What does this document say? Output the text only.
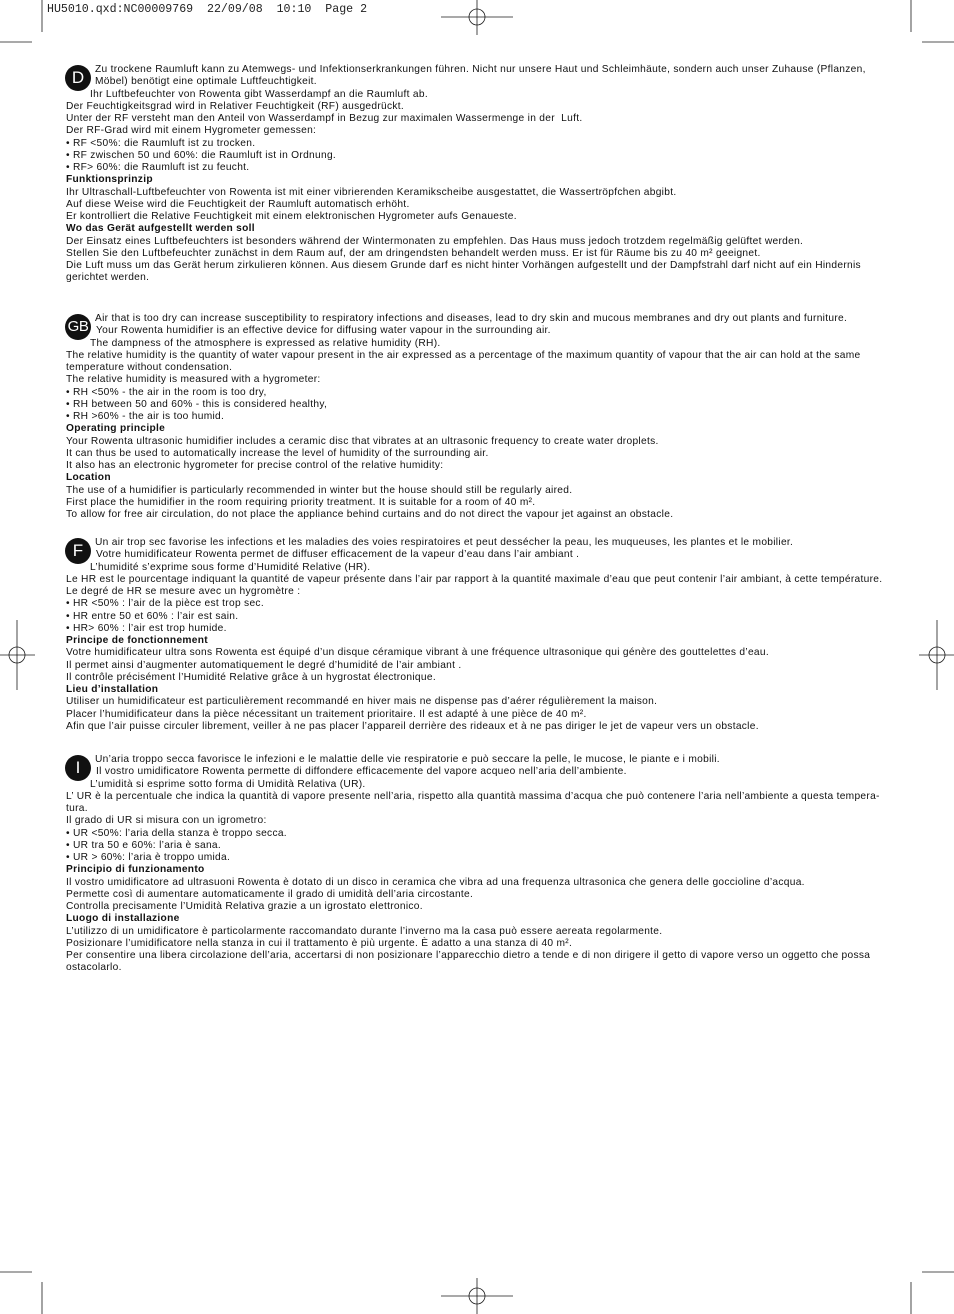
HU5010.qxd:NC00009769  22/09/08  10:10  Page 2
D	Zu trockene Raumluft kann zu Atemwegs- und Infektionserkrankungen führen. Nicht nur unsere Haut und Schleimhäute, sondern auch unser Zuhause (Pflanzen,
Möbel) benötigt eine optimale Luftfeuchtigkeit.
Ihr Luftbefeuchter von Rowenta gibt Wasserdampf an die Raumluft ab.
Der Feuchtigkeitsgrad wird in Relativer Feuchtigkeit (RF) ausgedrückt.
Unter der RF versteht man den Anteil von Wasserdampf in Bezug zur maximalen Wassermenge in der  Luft.
Der RF-Grad wird mit einem Hygrometer gemessen:
• RF <50%: die Raumluft ist zu trocken.
• RF zwischen 50 und 60%: die Raumluft ist in Ordnung.
• RF> 60%: die Raumluft ist zu feucht.
Funktionsprinzip
Ihr Ultraschall-Luftbefeuchter von Rowenta ist mit einer vibrierenden Keramikscheibe ausgestattet, die Wassertröpfchen abgibt.
Auf diese Weise wird die Feuchtigkeit der Raumluft automatisch erhöht.
Er kontrolliert die Relative Feuchtigkeit mit einem elektronischen Hygrometer aufs Genaueste.
Wo das Gerät aufgestellt werden soll
Der Einsatz eines Luftbefeuchters ist besonders während der Wintermonaten zu empfehlen. Das Haus muss jedoch trotzdem regelmäßig gelüftet werden.
Stellen Sie den Luftbefeuchter zunächst in dem Raum auf, der am dringendsten behandelt werden muss. Er ist für Räume bis zu 40 m² geeignet.
Die Luft muss um das Gerät herum zirkulieren können. Aus diesem Grunde darf es nicht hinter Vorhängen aufgestellt und der Dampfstrahl darf nicht auf ein Hindernis
gerichtet werden.
GB Air that is too dry can increase susceptibility to respiratory infections and diseases, lead to dry skin and mucous membranes and dry out plants and furniture.
Your Rowenta humidifier is an effective device for diffusing water vapour in the surrounding air.
The dampness of the atmosphere is expressed as relative humidity (RH).
The relative humidity is the quantity of water vapour present in the air expressed as a percentage of the maximum quantity of vapour that the air can hold at the same
temperature without condensation.
The relative humidity is measured with a hygrometer:
• RH <50% - the air in the room is too dry,
• RH between 50 and 60% - this is considered healthy,
• RH >60% - the air is too humid.
Operating principle
Your Rowenta ultrasonic humidifier includes a ceramic disc that vibrates at an ultrasonic frequency to create water droplets.
It can thus be used to automatically increase the level of humidity of the surrounding air.
It also has an electronic hygrometer for precise control of the relative humidity:
Location
The use of a humidifier is particularly recommended in winter but the house should still be regularly aired.
First place the humidifier in the room requiring priority treatment. It is suitable for a room of 40 m².
To allow for free air circulation, do not place the appliance behind curtains and do not direct the vapour jet against an obstacle.
F	Un air trop sec favorise les infections et les maladies des voies respiratoires et peut dessécher la peau, les muqueuses, les plantes et le mobilier.
Votre humidificateur Rowenta permet de diffuser efficacement de la vapeur d’eau dans l’air ambiant .
L’humidité s’exprime sous forme d’Humidité Relative (HR).
Le HR est le pourcentage indiquant la quantité de vapeur présente dans l’air par rapport à la quantité maximale d’eau que peut contenir l’air ambiant, à cette température.
Le degré de HR se mesure avec un hygromètre :
• HR <50% : l’air de la pièce est trop sec.
• HR entre 50 et 60% : l’air est sain.
• HR> 60% : l’air est trop humide.
Principe de fonctionnement
Votre humidificateur ultra sons Rowenta est équipé d’un disque céramique vibrant à une fréquence ultrasonique qui génère des gouttelettes d’eau.
Il permet ainsi d’augmenter automatiquement le degré d’humidité de l’air ambiant .
Il contrôle précisément l’Humidité Relative grâce à un hygrostat électronique.
Lieu d’installation
Utiliser un humidificateur est particulièrement recommandé en hiver mais ne dispense pas d’aérer régulièrement la maison.
Placer l’humidificateur dans la pièce nécessitant un traitement prioritaire. Il est adapté à une pièce de 40 m².
Afin que l’air puisse circuler librement, veiller à ne pas placer l’appareil derrière des rideaux et à ne pas diriger le jet de vapeur vers un obstacle.
I	Un’aria troppo secca favorisce le infezioni e le malattie delle vie respiratorie e può seccare la pelle, le mucose, le piante e i mobili.
Il vostro umidificatore Rowenta permette di diffondere efficacemente del vapore acqueo nell’aria dell’ambiente.
L’umidità si esprime sotto forma di Umidità Relativa (UR).
L’ UR è la percentuale che indica la quantità di vapore presente nell’aria, rispetto alla quantità massima d’acqua che può contenere l’aria nell’ambiente a questa tempera-
tura.
Il grado di UR si misura con un igrometro:
• UR <50%: l’aria della stanza è troppo secca.
• UR tra 50 e 60%: l’aria è sana.
• UR > 60%: l’aria è troppo umida.
Principio di funzionamento
Il vostro umidificatore ad ultrasuoni Rowenta è dotato di un disco in ceramica che vibra ad una frequenza ultrasonica che genera delle goccioline d’acqua.
Permette così di aumentare automaticamente il grado di umidità dell’aria circostante.
Controlla precisamente l’Umidità Relativa grazie a un igrostato elettronico.
Luogo di installazione
L’utilizzo di un umidificatore è particolarmente raccomandato durante l’inverno ma la casa può essere aereata regolarmente.
Posizionare l’umidificatore nella stanza in cui il trattamento è più urgente. È adatto a una stanza di 40 m².
Per consentire una libera circolazione dell’aria, accertarsi di non posizionare l’apparecchio dietro a tende e di non dirigere il getto di vapore verso un oggetto che possa
ostacolarlo.
